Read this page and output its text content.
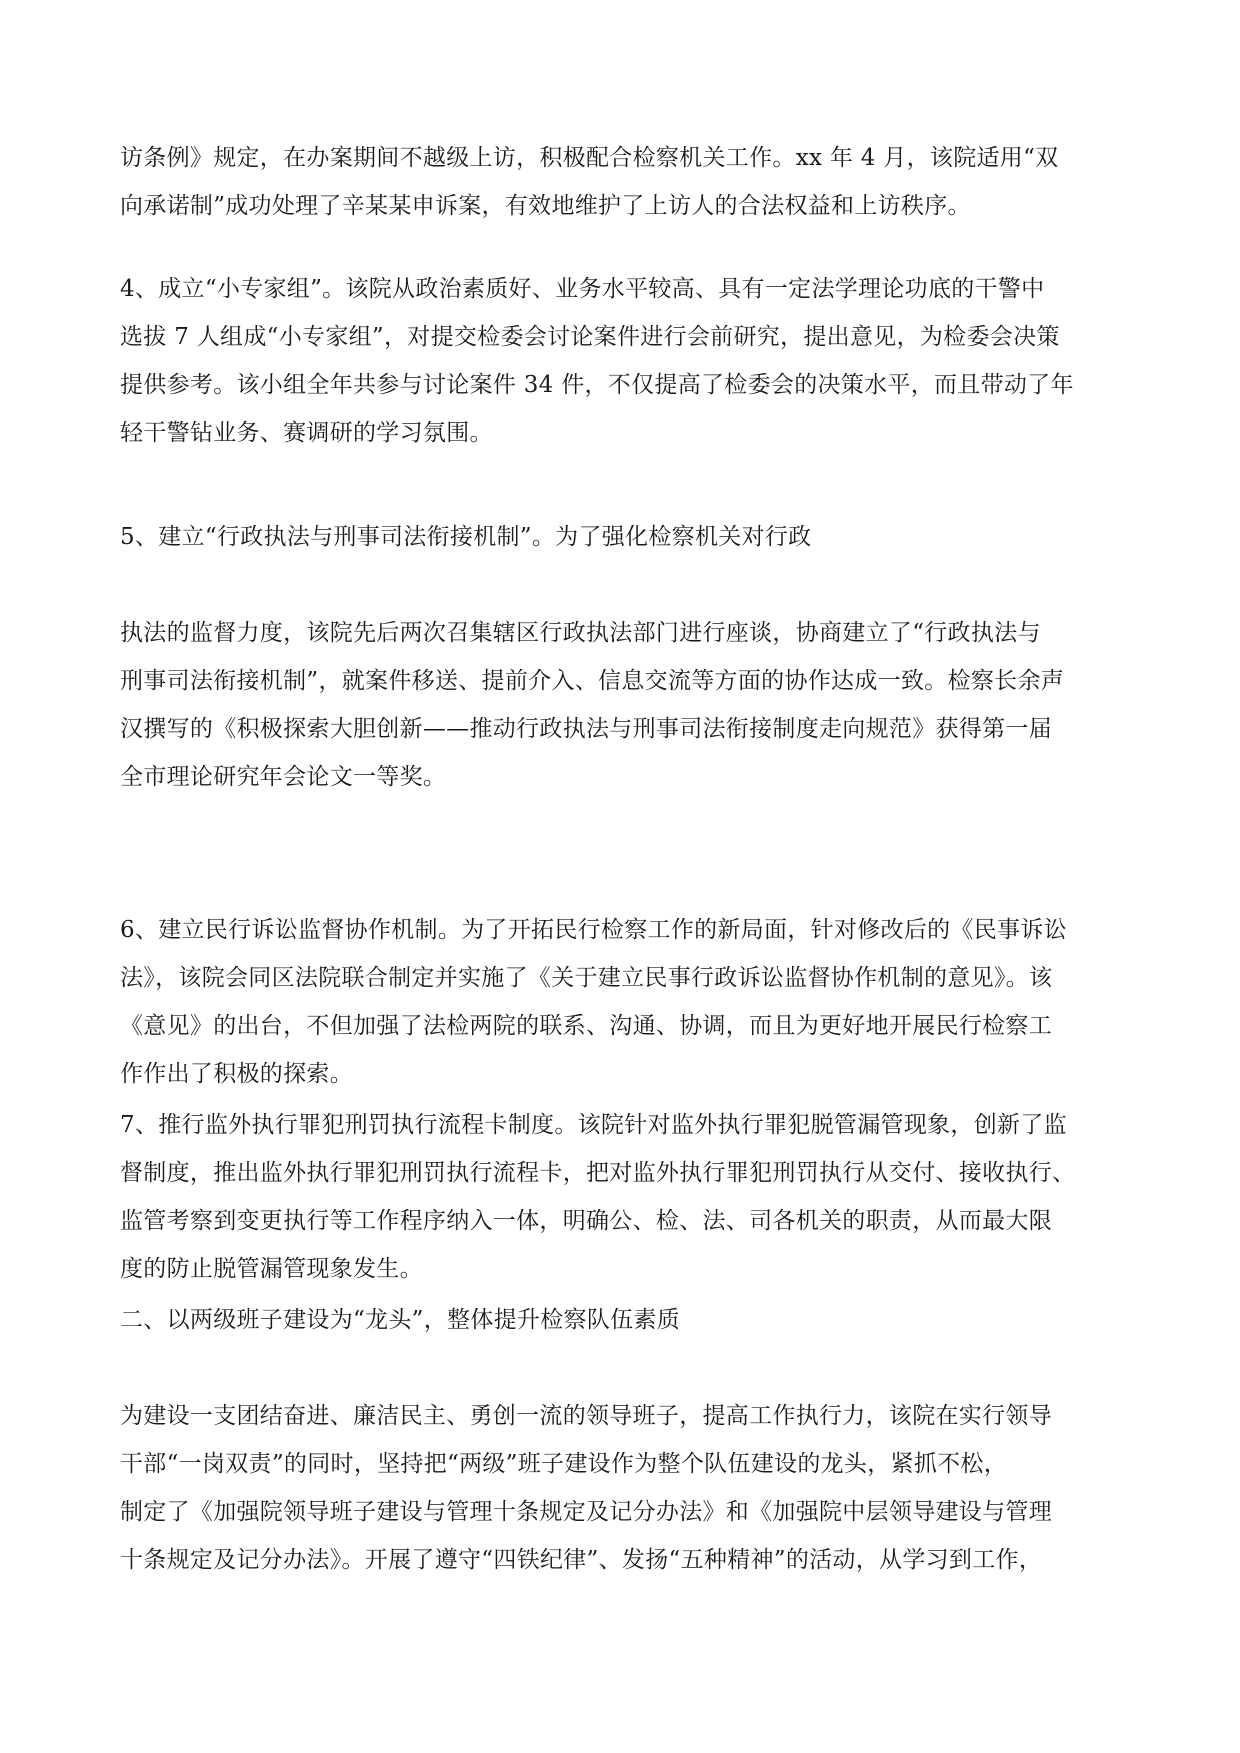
访条例》规定，在办案期间不越级上访，积极配合检察机关工作。xx 年 4 月，该院适用“双
向承诺制”成功处理了辛某某申诉案，有效地维护了上访人的合法权益和上访秩序。

4、成立“小专家组”。该院从政治素质好、业务水平较高、具有一定法学理论功底的干警中
选拔 7 人组成“小专家组”，对提交检委会讨论案件进行会前研究，提出意见，为检委会决策
提供参考。该小组全年共参与讨论案件 34 件，不仅提高了检委会的决策水平，而且带动了年
轻干警钻业务、赛调研的学习氛围。

5、建立“行政执法与刑事司法衔接机制”。为了强化检察机关对行政

执法的监督力度，该院先后两次召集辖区行政执法部门进行座谈，协商建立了“行政执法与
刑事司法衔接机制”，就案件移送、提前介入、信息交流等方面的协作达成一致。检察长余声
汉撰写的《积极探索大胆创新——推动行政执法与刑事司法衔接制度走向规范》获得第一届
全市理论研究年会论文一等奖。

6、建立民行诉讼监督协作机制。为了开拓民行检察工作的新局面，针对修改后的《民事诉讼
法》，该院会同区法院联合制定并实施了《关于建立民事行政诉讼监督协作机制的意见》。该
《意见》的出台，不但加强了法检两院的联系、沟通、协调，而且为更好地开展民行检察工
作作出了积极的探索。

7、推行监外执行罪犯刑罚执行流程卡制度。该院针对监外执行罪犯脱管漏管现象，创新了监
督制度，推出监外执行罪犯刑罚执行流程卡，把对监外执行罪犯刑罚执行从交付、接收执行、
监管考察到变更执行等工作程序纳入一体，明确公、检、法、司各机关的职责，从而最大限
度的防止脱管漏管现象发生。

二、以两级班子建设为“龙头”，整体提升检察队伍素质

为建设一支团结奋进、廉洁民主、勇创一流的领导班子，提高工作执行力，该院在实行领导
干部“一岗双责”的同时，坚持把“两级”班子建设作为整个队伍建设的龙头，紧抓不松，
制定了《加强院领导班子建设与管理十条规定及记分办法》和《加强院中层领导建设与管理
十条规定及记分办法》。开展了遵守“四铁纪律”、发扬“五种精神”的活动，从学习到工作，
